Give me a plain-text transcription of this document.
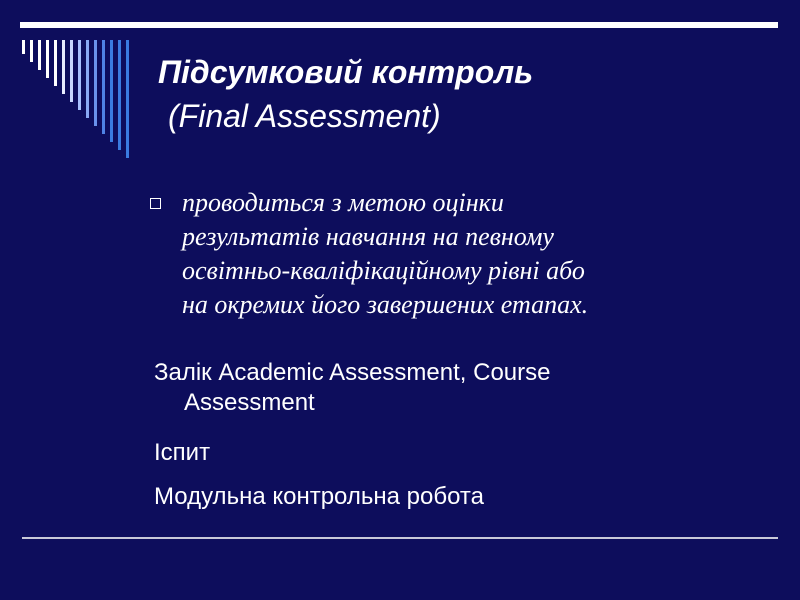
Підсумковий контроль
(Final Assessment)
проводиться з метою оцінки
результатів навчання на певному
освітньо-кваліфікаційному рівні або
на окремих його завершених етапах.
Залік Academic Assessment, Course
Assessment
Іспит
Модульна контрольна робота
